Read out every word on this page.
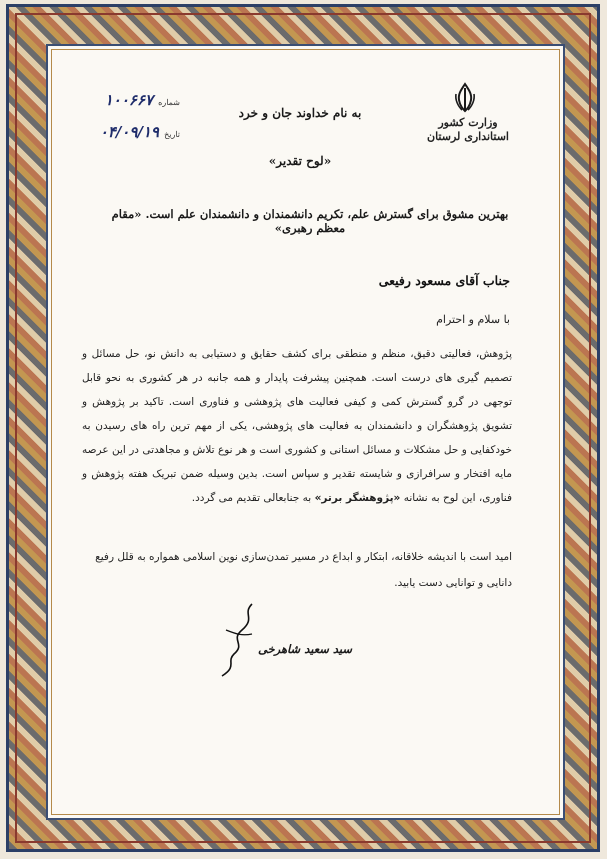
وزارت کشور
استانداری لرستان
شماره ۱۰۰۶۶۷
تاریخ ۰۴/۰۹/۱۹
به نام خداوند جان و خرد
«لوح تقدیر»
بهترین مشوق برای گسترش علم، تکریم دانشمندان و دانشمندان علم است. «مقام معظم رهبری»
جناب آقای مسعود رفیعی
با سلام و احترام
پژوهش، فعالیتی دقیق، منظم و منطقی برای کشف حقایق و دستیابی به دانش نو، حل مسائل و تصمیم گیری های درست است. همچنین پیشرفت پایدار و همه جانبه در هر کشوری به نحو قابل توجهی در گرو گسترش کمی و کیفی فعالیت های پژوهشی و فناوری است. تاکید بر پژوهش و تشویق پژوهشگران و دانشمندان به فعالیت های پژوهشی، یکی از مهم ترین راه های رسیدن به خودکفایی و حل مشکلات و مسائل استانی و کشوری است و هر نوع تلاش و مجاهدتی در این عرصه مایه افتخار و سرافرازی و شایسته تقدیر و سپاس است. بدین وسیله ضمن تبریک هفته پژوهش و فناوری، این لوح به نشانه «پژوهشگر برتر» به جنابعالی تقدیم می گردد.
امید است با اندیشه خلاقانه، ابتکار و ابداع در مسیر تمدن‌سازی نوین اسلامی همواره به قلل رفیع دانایی و توانایی دست یابید.
سید سعید شاهرخی
